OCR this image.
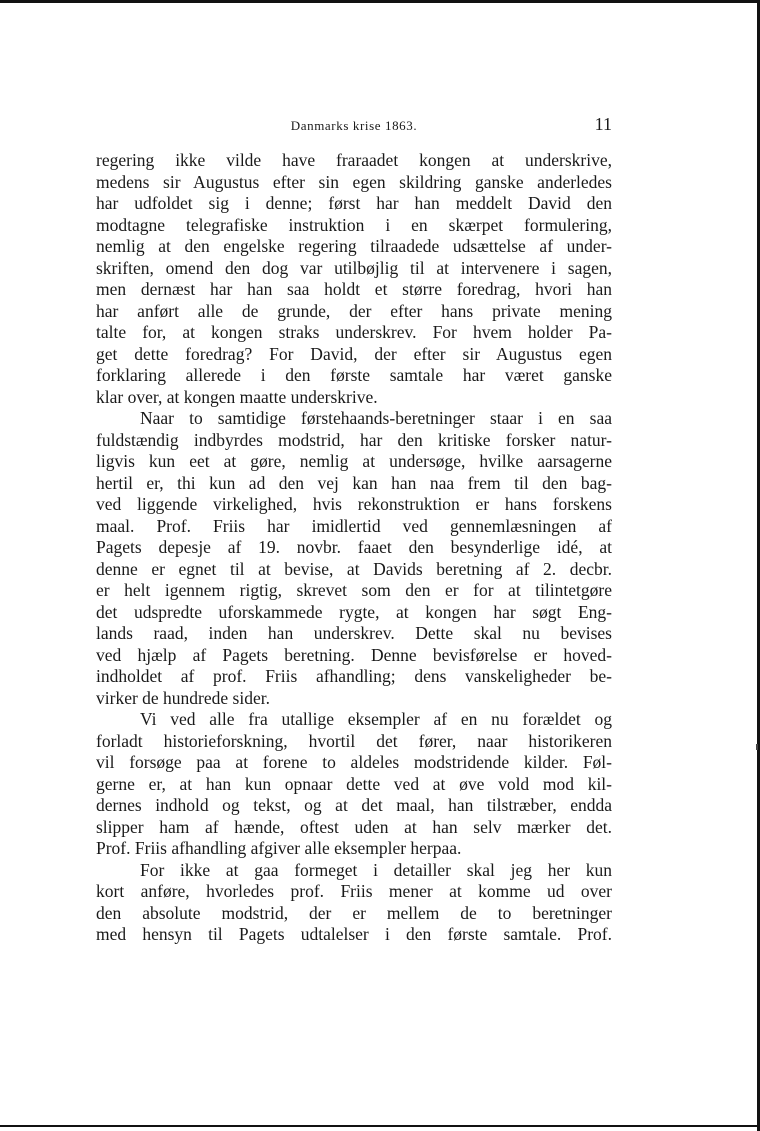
Danmarks krise 1863.	11
regering ikke vilde have fraraadet kongen at underskrive,
medens sir Augustus efter sin egen skildring ganske anderledes
har udfoldet sig i denne; først har han meddelt David den
modtagne telegrafiske instruktion i en skærpet formulering,
nemlig at den engelske regering tilraadede udsættelse af under-
skriften, omend den dog var utilbøjlig til at intervenere i sagen,
men dernæst har han saa holdt et større foredrag, hvori han
har anført alle de grunde, der efter hans private mening
talte for, at kongen straks underskrev. For hvem holder Pa-
get dette foredrag? For David, der efter sir Augustus egen
forklaring allerede i den første samtale har været ganske
klar over, at kongen maatte underskrive.
Naar to samtidige førstehaands-beretninger staar i en saa
fuldstændig indbyrdes modstrid, har den kritiske forsker natur-
ligvis kun eet at gøre, nemlig at undersøge, hvilke aarsagerne
hertil er, thi kun ad den vej kan han naa frem til den bag-
ved liggende virkelighed, hvis rekonstruktion er hans forskens
maal. Prof. Friis har imidlertid ved gennemlæsningen af
Pagets depesje af 19. novbr. faaet den besynderlige idé, at
denne er egnet til at bevise, at Davids beretning af 2. decbr.
er helt igennem rigtig, skrevet som den er for at tilintetgøre
det udspredte uforskammede rygte, at kongen har søgt Eng-
lands raad, inden han underskrev. Dette skal nu bevises
ved hjælp af Pagets beretning. Denne bevisførelse er hoved-
indholdet af prof. Friis afhandling; dens vanskeligheder be-
virker de hundrede sider.
Vi ved alle fra utallige eksempler af en nu forældet og
forladt historieforskning, hvortil det fører, naar historikeren
vil forsøge paa at forene to aldeles modstridende kilder. Føl-
gerne er, at han kun opnaar dette ved at øve vold mod kil-
dernes indhold og tekst, og at det maal, han tilstræber, endda
slipper ham af hænde, oftest uden at han selv mærker det.
Prof. Friis afhandling afgiver alle eksempler herpaa.
For ikke at gaa formeget i detailler skal jeg her kun
kort anføre, hvorledes prof. Friis mener at komme ud over
den absolute modstrid, der er mellem de to beretninger
med hensyn til Pagets udtalelser i den første samtale. Prof.
